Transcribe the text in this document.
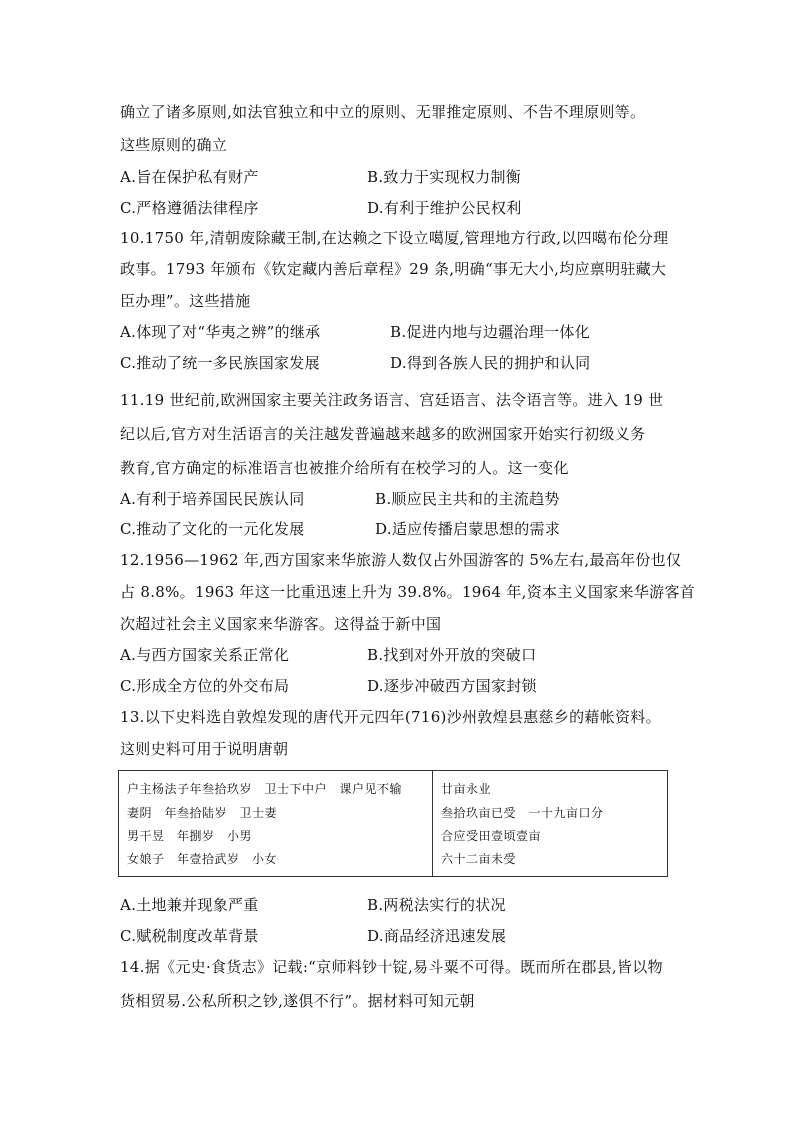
确立了诸多原则,如法官独立和中立的原则、无罪推定原则、不告不理原则等。
这些原则的确立
A.旨在保护私有财产	B.致力于实现权力制衡
C.严格遵循法律程序	D.有利于维护公民权利
10.1750 年,清朝废除藏王制,在达赖之下设立噶厦,管理地方行政,以四噶布伦分理
政事。1793 年颁布《钦定藏内善后章程》29 条,明确“事无大小,均应禀明驻藏大
臣办理”。这些措施
A.体现了对“华夷之辨”的继承	B.促进内地与边疆治理一体化
C.推动了统一多民族国家发展	D.得到各族人民的拥护和认同
11.19 世纪前,欧洲国家主要关注政务语言、宫廷语言、法令语言等。进入 19 世
纪以后,官方对生活语言的关注越发普遍越来越多的欧洲国家开始实行初级义务
教育,官方确定的标准语言也被推介给所有在校学习的人。这一变化
A.有利于培养国民民族认同	B.顺应民主共和的主流趋势
C.推动了文化的一元化发展	D.适应传播启蒙思想的需求
12.1956—1962 年,西方国家来华旅游人数仅占外国游客的 5%左右,最高年份也仅
占 8.8%。1963 年这一比重迅速上升为 39.8%。1964 年,资本主义国家来华游客首
次超过社会主义国家来华游客。这得益于新中国
A.与西方国家关系正常化	B.找到对外开放的突破口
C.形成全方位的外交布局	D.逐步冲破西方国家封锁
13.以下史料选自敦煌发现的唐代开元四年(716)沙州敦煌县惠慈乡的藉帐资料。
这则史料可用于说明唐朝
户主杨法子年叁拾玖岁　卫士下中户　课户见不输
妻阴　年叁拾陆岁　卫士妻
男干昱　年捌岁　小男
女娘子　年壹拾武岁　小女
廿亩永业
叁拾玖亩已受　一十九亩口分
合应受田壹顷壹亩
六十二亩未受
A.土地兼并现象严重	B.两税法实行的状况
C.赋税制度改革背景	D.商品经济迅速发展
14.据《元史·食货志》记载:“京师料钞十锭,易斗粟不可得。既而所在郡县,皆以物
货相贸易.公私所积之钞,遂俱不行”。据材料可知元朝
